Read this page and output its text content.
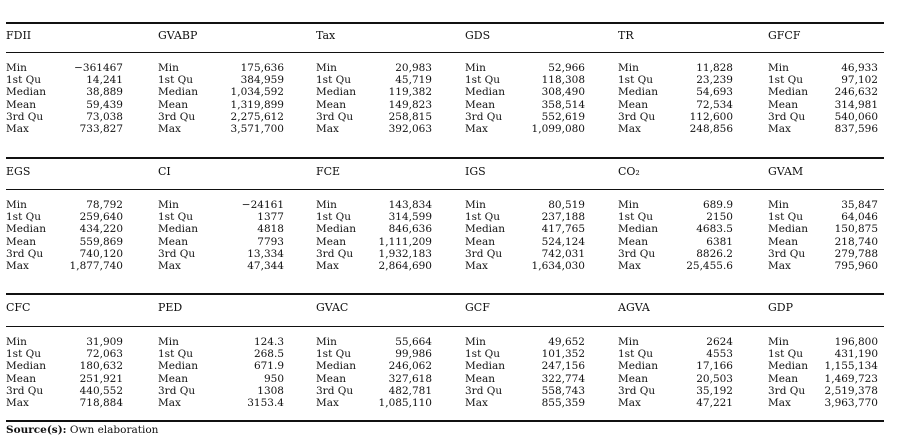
FDII
Min	−361467
1st Qu	14,241
Median	38,889
Mean	59,439
3rd Qu	73,038
Max	733,827
GVABP
Min	175,636
1st Qu	384,959
Median	1,034,592
Mean	1,319,899
3rd Qu	2,275,612
Max	3,571,700
Tax
Min	20,983
1st Qu	45,719
Median	119,382
Mean	149,823
3rd Qu	258,815
Max	392,063
GDS
Min	52,966
1st Qu	118,308
Median	308,490
Mean	358,514
3rd Qu	552,619
Max	1,099,080
TR
Min	11,828
1st Qu	23,239
Median	54,693
Mean	72,534
3rd Qu	112,600
Max	248,856
GFCF
Min	46,933
1st Qu	97,102
Median	246,632
Mean	314,981
3rd Qu	540,060
Max	837,596
EGS
Min	78,792
1st Qu	259,640
Median	434,220
Mean	559,869
3rd Qu	740,120
Max	1,877,740
CI
Min	−24161
1st Qu	1377
Median	4818
Mean	7793
3rd Qu	13,334
Max	47,344
FCE
Min	143,834
1st Qu	314,599
Median	846,636
Mean	1,111,209
3rd Qu 1,932,183
Max	2,864,690
IGS
Min	80,519
1st Qu	237,188
Median	417,765
Mean	524,124
3rd Qu	742,031
Max	1,634,030
CO₂
Min	689.9
1st Qu	2150
Median	4683.5
Mean	6381
3rd Qu	8826.2
Max	25,455.6
GVAM
Min	35,847
1st Qu	64,046
Median	150,875
Mean	218,740
3rd Qu	279,788
Max	795,960
CFC
Min	31,909
1st Qu	72,063
Median	180,632
Mean	251,921
3rd Qu	440,552
Max	718,884
PED
Min	124.3
1st Qu	268.5
Median	671.9
Mean	950
3rd Qu	1308
Max	3153.4
GVAC
Min	55,664
1st Qu	99,986
Median	246,062
Mean	327,618
3rd Qu	482,781
Max	1,085,110
GCF
Min	49,652
1st Qu	101,352
Median	247,156
Mean	322,774
3rd Qu	558,743
Max	855,359
AGVA
Min	2624
1st Qu	4553
Median	17,166
Mean	20,503
3rd Qu	35,192
Max	47,221
GDP
Min	196,800
1st Qu	431,190
Median 1,155,134
Mean	1,469,723
3rd Qu 2,519,378
Max	3,963,770
Source(s): Own elaboration
